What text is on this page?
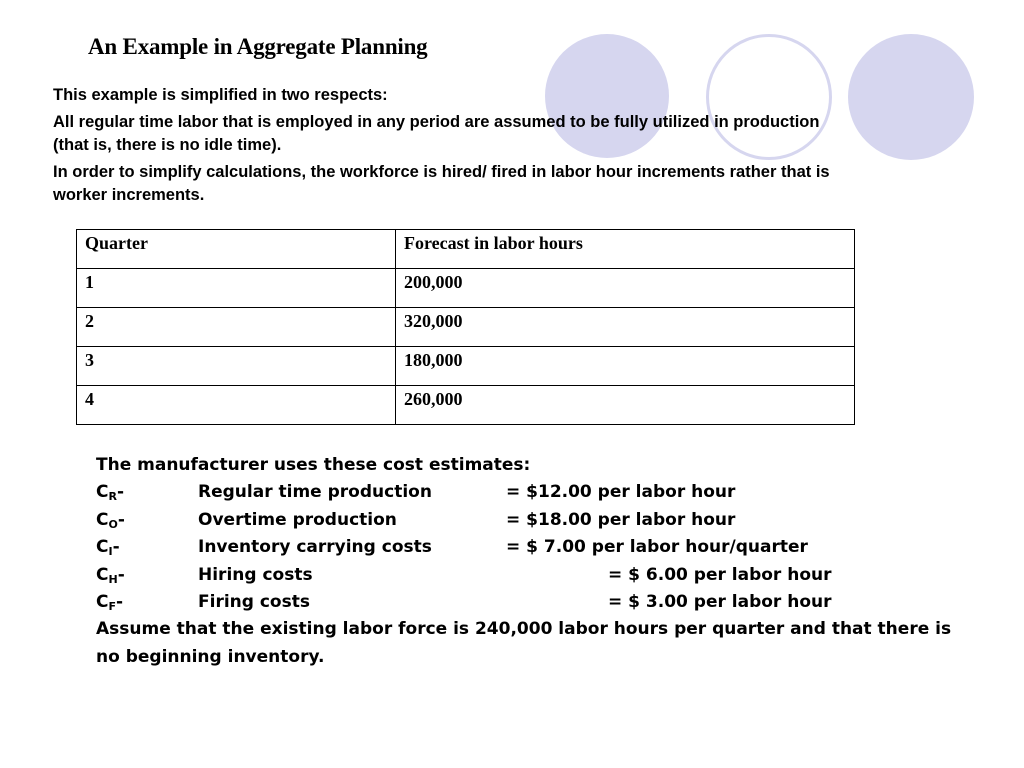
An Example in Aggregate Planning

This example is simplified in two respects:

All regular time labor that is employed in any period are assumed to be fully utilized in production (that is, there is no idle time).

In order to simplify calculations, the workforce is hired/ fired in labor hour increments rather that is worker increments.

Quarter	Forecast in labor hours
1	200,000
2	320,000
3	180,000
4	260,000

The manufacturer uses these cost estimates:

$C_R-$	Regular time production	= $12.00 per labor hour
$C_O-$	Overtime production	= $18.00 per labor hour
$C_I-$	Inventory carrying costs	= $ 7.00 per labor hour/quarter
$C_H-$	Hiring costs	= $ 6.00 per labor hour
$C_F-$	Firing costs	= $ 3.00 per labor hour

Assume that the existing labor force is 240,000 labor hours per quarter and that there is no beginning inventory.
